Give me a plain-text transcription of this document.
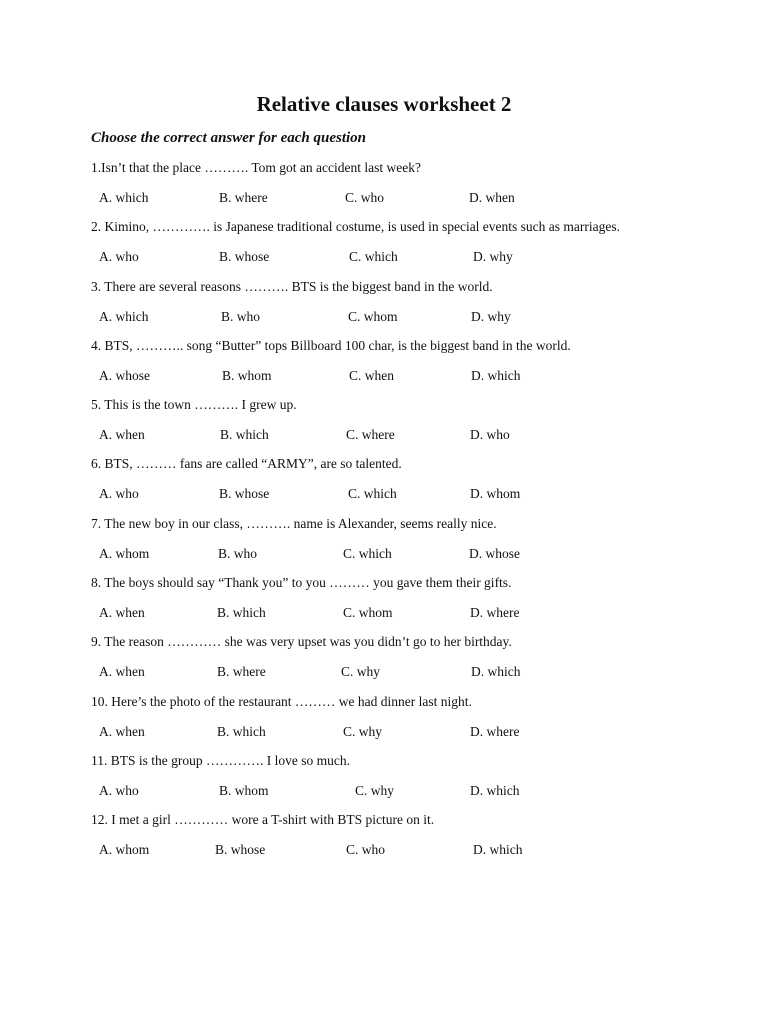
Relative clauses worksheet 2

Choose the correct answer for each question

1.Isn’t that the place ………. Tom got an accident last week?
A. which	B. where	C. who	D. when
2. Kimino, …………. is Japanese traditional costume, is used in special events such as marriages.
A. who	B. whose	C. which	D. why
3. There are several reasons ………. BTS is the biggest band in the world.
A. which	B. who	C. whom	D. why
4. BTS, ……….. song “Butter” tops Billboard 100 char, is the biggest band in the world.
A. whose	B. whom	C. when	D. which
5. This is the town ………. I grew up.
A. when	B. which	C. where	D. who
6. BTS, ……… fans are called “ARMY”, are so talented.
A. who	B. whose	C. which	D. whom
7. The new boy in our class, ………. name is Alexander, seems really nice.
A. whom	B. who	C. which	D. whose
8. The boys should say “Thank you” to you ……… you gave them their gifts.
A. when	B. which	C. whom	D. where
9. The reason ………… she was very upset was you didn’t go to her birthday.
A. when	B. where	C. why	D. which
10. Here’s the photo of the restaurant ……… we had dinner last night.
A. when	B. which	C. why	D. where
11. BTS is the group …………. I love so much.
A. who	B. whom	C. why	D. which
12. I met a girl ………… wore a T-shirt with BTS picture on it.
A. whom	B. whose	C. who	D. which
